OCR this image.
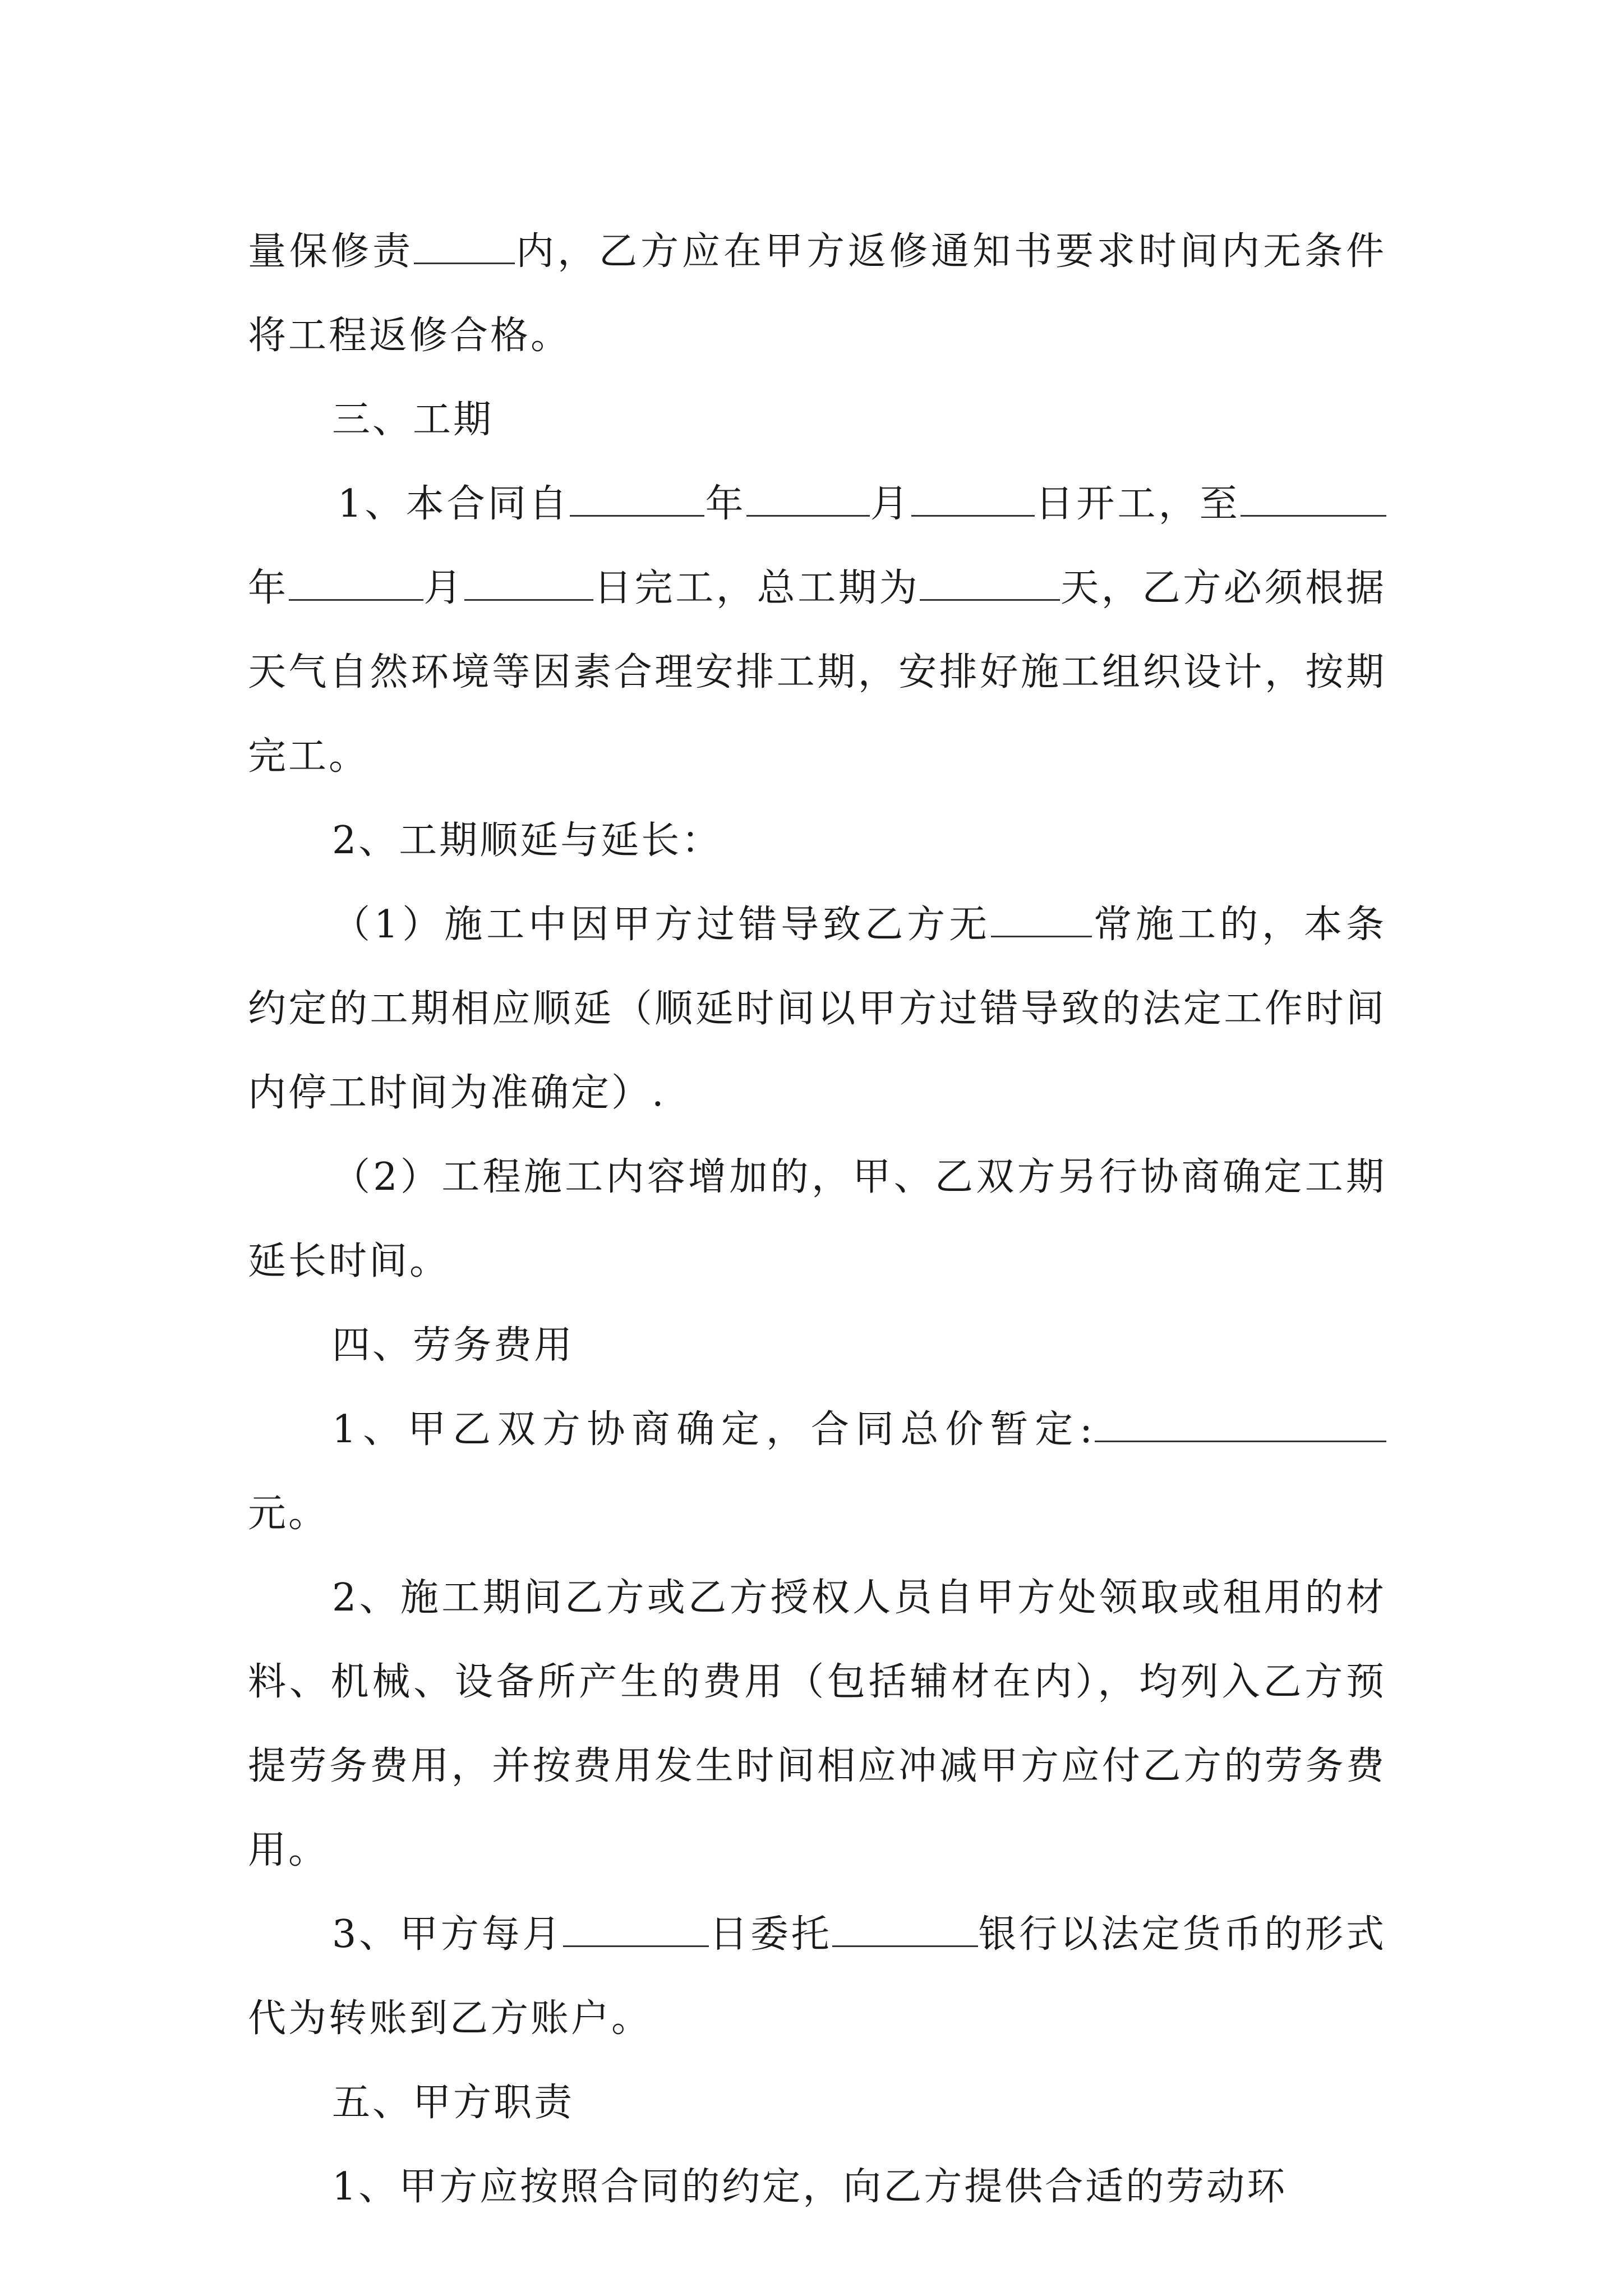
量保修责	内，乙方应在甲方返修通知书要求时间内无条件将工程返修合格。

三、工期

1、本合同自	年	月	日开工，至年	月	日完工，总工期为	天，乙方必须根据天气自然环境等因素合理安排工期，安排好施工组织设计，按期完工。

2、工期顺延与延长：

（1）施工中因甲方过错导致乙方无	常施工的，本条约定的工期相应顺延（顺延时间以甲方过错导致的法定工作时间内停工时间为准确定）.

（2）工程施工内容增加的，甲、乙双方另行协商确定工期延长时间。

四、劳务费用

1、甲乙双方协商确定，合同总价暂定:元。

2、施工期间乙方或乙方授权人员自甲方处领取或租用的材料、机械、设备所产生的费用（包括辅材在内），均列入乙方预提劳务费用，并按费用发生时间相应冲减甲方应付乙方的劳务费用。

3、甲方每月	日委托	银行以法定货币的形式代为转账到乙方账户。

五、甲方职责

1、甲方应按照合同的约定，向乙方提供合适的劳动环
